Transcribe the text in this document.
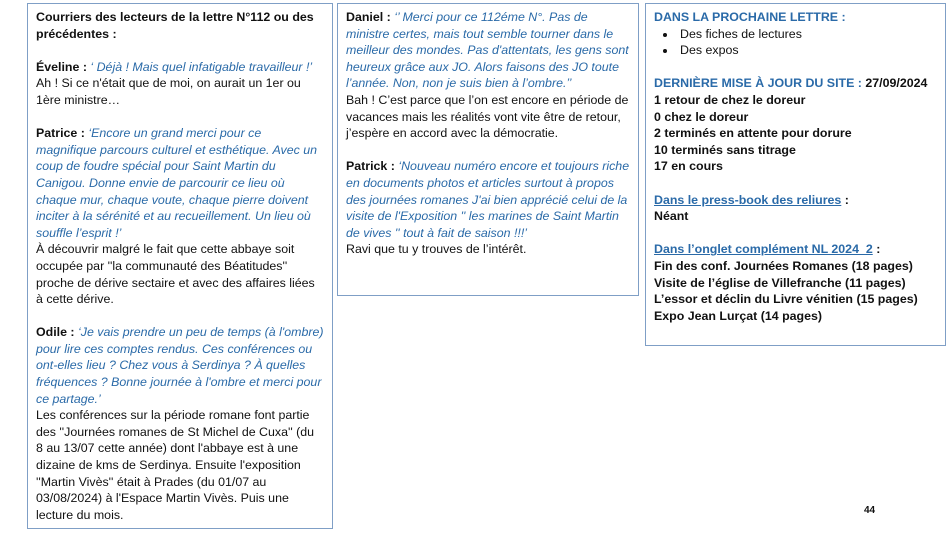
Courriers des lecteurs de la lettre N°112 ou des précédentes :

Éveline : ‘ Déjà ! Mais quel infatigable travailleur !’

Ah ! Si ce n'était que de moi, on aurait un 1er ou 1ère ministre…

Patrice : ‘Encore un grand merci pour ce magnifique parcours culturel et esthétique. Avec un coup de foudre spécial pour Saint Martin du Canigou. Donne envie de parcourir ce lieu où chaque mur, chaque voute, chaque pierre doivent inciter à la sérénité et au recueillement. Un lieu où souffle l’esprit !’

À découvrir malgré le fait que cette abbaye soit occupée par ''la communauté des Béatitudes'' proche de dérive sectaire et avec des affaires liées à cette dérive.

Odile : ‘Je vais prendre un peu de temps (à l'ombre) pour lire ces comptes rendus. Ces conférences ou ont-elles lieu ? Chez vous à Serdinya ? À quelles fréquences ? Bonne journée à l'ombre et merci pour ce partage.’

Les conférences sur la période romane font partie des ''Journées romanes de St Michel de Cuxa'' (du 8 au 13/07 cette année) dont l'abbaye est à une dizaine de kms de Serdinya. Ensuite l'exposition ''Martin Vivès'' était à Prades (du 01/07 au 03/08/2024) à l'Espace Martin Vivès. Puis une lecture du mois.

Daniel : ‘’ Merci pour ce 112éme N°. Pas de ministre certes, mais tout semble tourner dans le meilleur des mondes. Pas d'attentats, les gens sont heureux grâce aux JO. Alors faisons des JO toute l’année. Non, non je suis bien à l’ombre.’’

Bah ! C’est parce que l’on est encore en période de vacances mais les réalités vont vite être de retour, j’espère en accord avec la démocratie.

Patrick : ‘Nouveau numéro encore et toujours riche en documents photos et articles surtout à propos des journées romanes J'ai bien apprécié celui de la visite de l'Exposition '' les marines de Saint Martin de vives '' tout à fait de saison !!!’

Ravi que tu y trouves de l’intérêt.

DANS LA PROCHAINE LETTRE :

• Des fiches de lectures
• Des expos

DERNIÈRE MISE À JOUR DU SITE : 27/09/2024

1 retour de chez le doreur

0 chez le doreur

2 terminés en attente pour dorure

10 terminés sans titrage

17 en cours

Dans le press-book des reliures :

Néant

Dans l’onglet complément NL 2024_2 :

Fin des conf. Journées Romanes (18 pages)

Visite de l’église de Villefranche (11 pages)

L’essor et déclin du Livre vénitien (15 pages)

Expo Jean Lurçat (14 pages)

44
